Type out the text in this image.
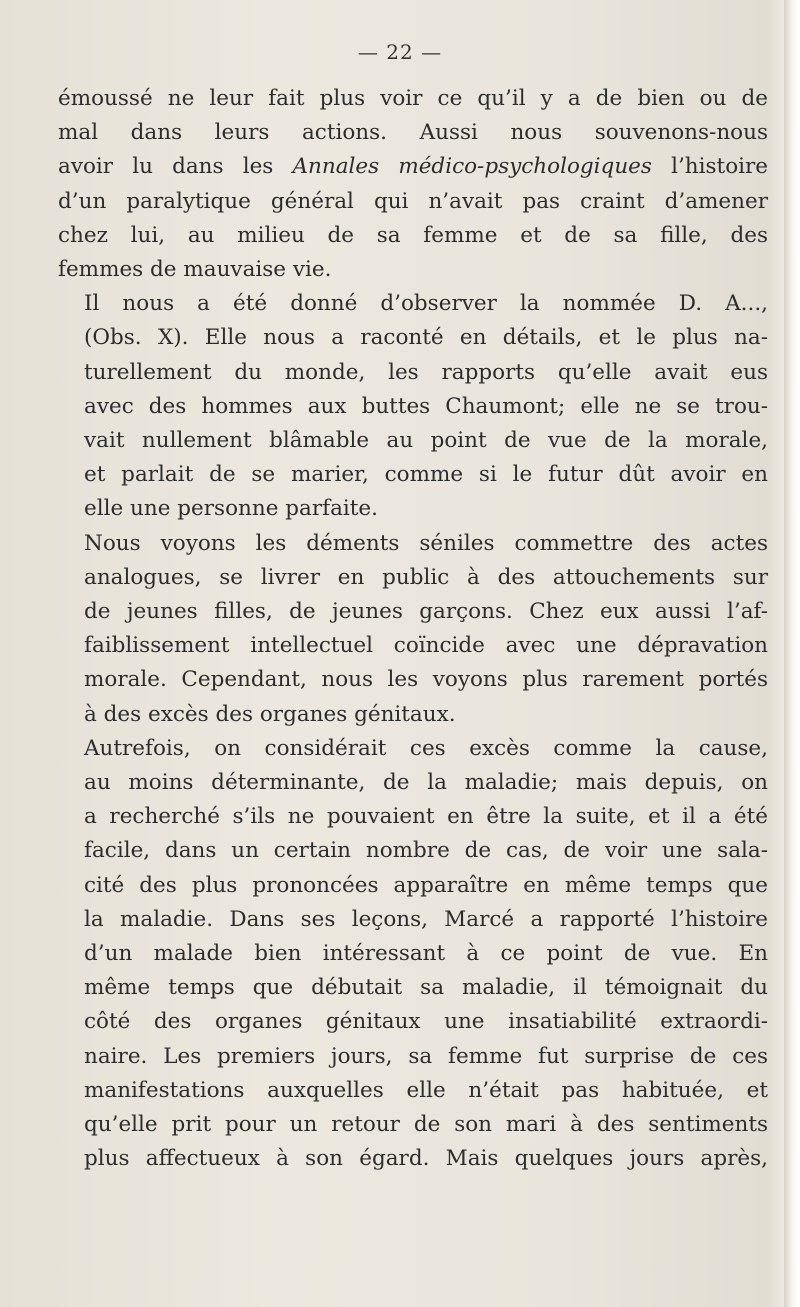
— 22 —

émoussé ne leur fait plus voir ce qu’il y a de bien ou de
mal dans leurs actions. Aussi nous souvenons-nous
avoir lu dans les Annales médico-psychologiques l’histoire
d’un paralytique général qui n’avait pas craint d’amener
chez lui, au milieu de sa femme et de sa fille, des
femmes de mauvaise vie.

Il nous a été donné d’observer la nommée D. A...,
(Obs. X). Elle nous a raconté en détails, et le plus na-
turellement du monde, les rapports qu’elle avait eus
avec des hommes aux buttes Chaumont; elle ne se trou-
vait nullement blâmable au point de vue de la morale,
et parlait de se marier, comme si le futur dût avoir en
elle une personne parfaite.

Nous voyons les déments séniles commettre des actes
analogues, se livrer en public à des attouchements sur
de jeunes filles, de jeunes garçons. Chez eux aussi l’af-
faiblissement intellectuel coïncide avec une dépravation
morale. Cependant, nous les voyons plus rarement portés
à des excès des organes génitaux.

Autrefois, on considérait ces excès comme la cause,
au moins déterminante, de la maladie; mais depuis, on
a recherché s’ils ne pouvaient en être la suite, et il a été
facile, dans un certain nombre de cas, de voir une sala-
cité des plus prononcées apparaître en même temps que
la maladie. Dans ses leçons, Marcé a rapporté l’histoire
d’un malade bien intéressant à ce point de vue. En
même temps que débutait sa maladie, il témoignait du
côté des organes génitaux une insatiabilité extraordi-
naire. Les premiers jours, sa femme fut surprise de ces
manifestations auxquelles elle n’était pas habituée, et
qu’elle prit pour un retour de son mari à des sentiments
plus affectueux à son égard. Mais quelques jours après,
